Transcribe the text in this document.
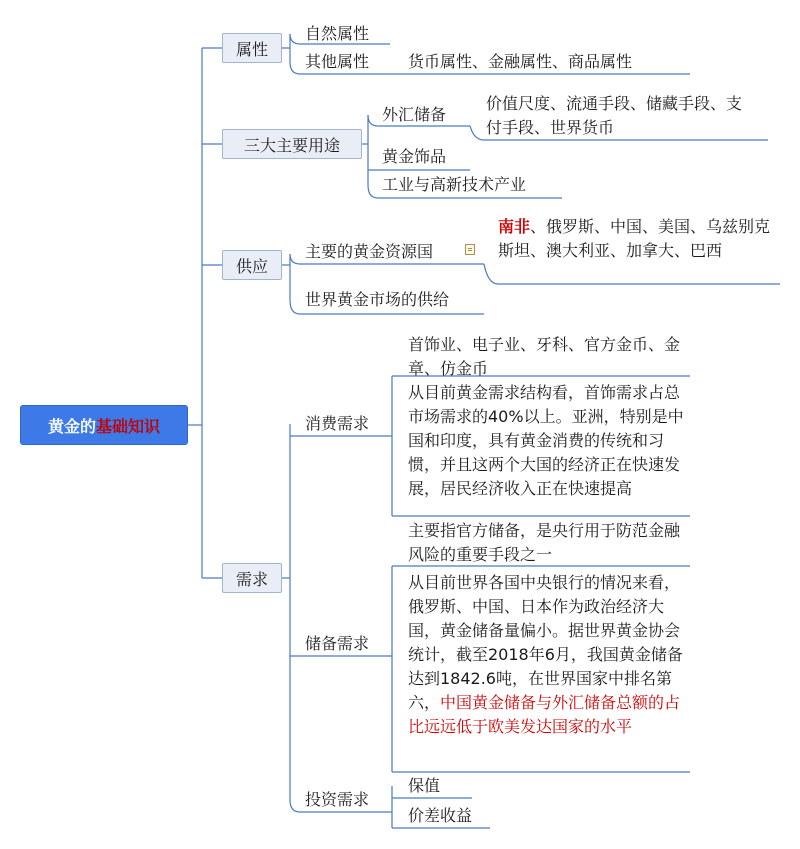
黄金的 基础知识
属性
三大主要用途
供应
需求
自然属性
其他属性 货币属性、金融属性、商品属性
外汇储备
价值尺度、流通手段、储藏手段、支付手段、世界货币
黄金饰品
工业与高新技术产业
主要的黄金资源国
南非、俄罗斯、中国、美国、乌兹别克斯坦、澳大利亚、加拿大、巴西
世界黄金市场的供给
消费需求
首饰业、电子业、牙科、官方金币、金章、仿金币
从目前黄金需求结构看，首饰需求占总市场需求的40%以上。亚洲，特别是中国和印度，具有黄金消费的传统和习惯，并且这两个大国的经济正在快速发展，居民经济收入正在快速提高
储备需求
主要指官方储备，是央行用于防范金融风险的重要手段之一
从目前世界各国中央银行的情况来看，俄罗斯、中国、日本作为政治经济大国，黄金储备量偏小。据世界黄金协会统计，截至2018年6月，我国黄金储备达到1842.6吨，在世界国家中排名第六，中国黄金储备与外汇储备总额的占比远远低于欧美发达国家的水平
投资需求
保值
价差收益
